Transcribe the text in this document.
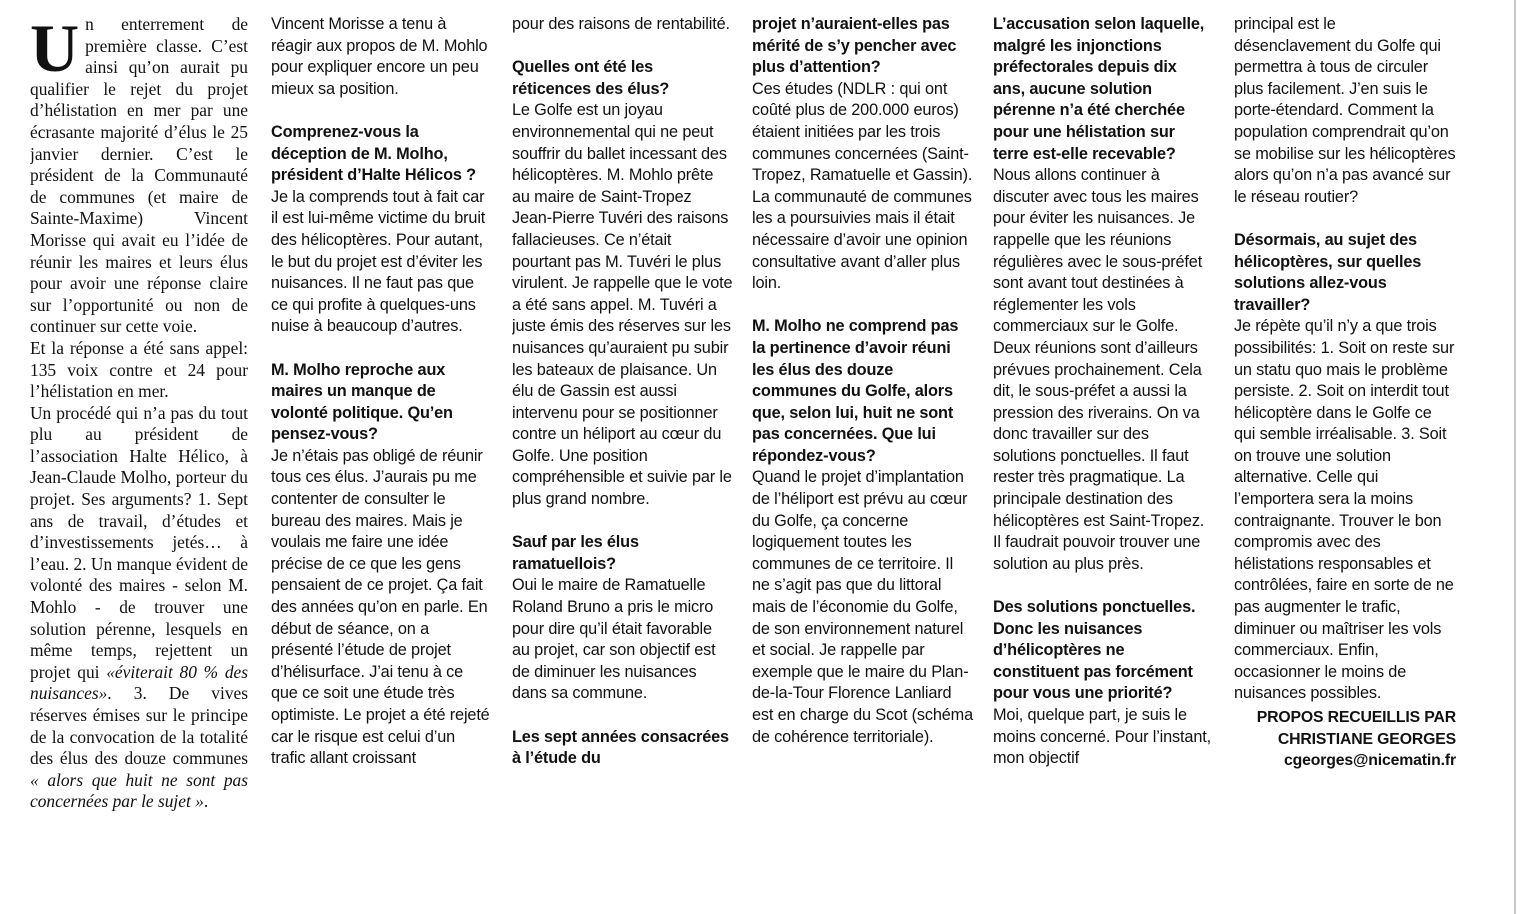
U n enterrement de première classe. C’est ainsi qu’on aurait pu qualifier le rejet du projet d’hélistation en mer par une écrasante majorité d’élus le 25 janvier dernier. C’est le président de la Communauté de communes (et maire de Sainte-Maxime) Vincent Morisse qui avait eu l’idée de réunir les maires et leurs élus pour avoir une réponse claire sur l’opportunité ou non de continuer sur cette voie.

Et la réponse a été sans appel: 135 voix contre et 24 pour l’hélistation en mer.

Un procédé qui n’a pas du tout plu au président de l’association Halte Hélico, à Jean-Claude Molho, porteur du projet. Ses arguments? 1. Sept ans de travail, d’études et d’investissements jetés… à l’eau. 2. Un manque évident de volonté des maires - selon M. Mohlo - de trouver une solution pérenne, lesquels en même temps, rejettent un projet qui «éviterait 80 % des nuisances». 3. De vives réserves émises sur le principe de la convocation de la totalité des élus des douze communes « alors que huit ne sont pas concernées par le sujet ».

Vincent Morisse a tenu à réagir aux propos de M. Mohlo pour expliquer encore un peu mieux sa position.

Comprenez-vous la déception de M. Molho, président d’Halte Hélicos ?

Je la comprends tout à fait car il est lui-même victime du bruit des hélicoptères. Pour autant, le but du projet est d’éviter les nuisances. Il ne faut pas que ce qui profite à quelques-uns nuise à beaucoup d’autres.

M. Molho reproche aux maires un manque de volonté politique. Qu’en pensez-vous?

Je n’étais pas obligé de réunir tous ces élus. J’aurais pu me contenter de consulter le bureau des maires. Mais je voulais me faire une idée précise de ce que les gens pensaient de ce projet. Ça fait des années qu’on en parle. En début de séance, on a présenté l’étude de projet d’hélisurface. J’ai tenu à ce que ce soit une étude très optimiste. Le projet a été rejeté car le risque est celui d’un trafic allant croissant

pour des raisons de rentabilité.

Quelles ont été les réticences des élus?

Le Golfe est un joyau environnemental qui ne peut souffrir du ballet incessant des hélicoptères. M. Mohlo prête au maire de Saint-Tropez Jean-Pierre Tuvéri des raisons fallacieuses. Ce n’était pourtant pas M. Tuvéri le plus virulent. Je rappelle que le vote a été sans appel. M. Tuvéri a juste émis des réserves sur les nuisances qu’auraient pu subir les bateaux de plaisance. Un élu de Gassin est aussi intervenu pour se positionner contre un héliport au cœur du Golfe. Une position compréhensible et suivie par le plus grand nombre.

Sauf par les élus ramatuellois?

Oui le maire de Ramatuelle Roland Bruno a pris le micro pour dire qu’il était favorable au projet, car son objectif est de diminuer les nuisances dans sa commune.

Les sept années consacrées à l’étude du

projet n’auraient-elles pas mérité de s’y pencher avec plus d’attention?

Ces études (NDLR : qui ont coûté plus de 200.000 euros) étaient initiées par les trois communes concernées (Saint-Tropez, Ramatuelle et Gassin). La communauté de communes les a poursuivies mais il était nécessaire d’avoir une opinion consultative avant d’aller plus loin.

M. Molho ne comprend pas la pertinence d’avoir réuni les élus des douze communes du Golfe, alors que, selon lui, huit ne sont pas concernées. Que lui répondez-vous?

Quand le projet d’implantation de l’héliport est prévu au cœur du Golfe, ça concerne logiquement toutes les communes de ce territoire. Il ne s’agit pas que du littoral mais de l’économie du Golfe, de son environnement naturel et social. Je rappelle par exemple que le maire du Plan-de-la-Tour Florence Lanliard est en charge du Scot (schéma de cohérence territoriale).

L’accusation selon laquelle, malgré les injonctions préfectorales depuis dix ans, aucune solution pérenne n’a été cherchée pour une hélistation sur terre est-elle recevable?

Nous allons continuer à discuter avec tous les maires pour éviter les nuisances. Je rappelle que les réunions régulières avec le sous-préfet sont avant tout destinées à réglementer les vols commerciaux sur le Golfe. Deux réunions sont d’ailleurs prévues prochainement. Cela dit, le sous-préfet a aussi la pression des riverains. On va donc travailler sur des solutions ponctuelles. Il faut rester très pragmatique. La principale destination des hélicoptères est Saint-Tropez. Il faudrait pouvoir trouver une solution au plus près.

Des solutions ponctuelles. Donc les nuisances d’hélicoptères ne constituent pas forcément pour vous une priorité?

Moi, quelque part, je suis le moins concerné. Pour l’instant, mon objectif

principal est le désenclavement du Golfe qui permettra à tous de circuler plus facilement. J’en suis le porte-étendard. Comment la population comprendrait qu’on se mobilise sur les hélicoptères alors qu’on n’a pas avancé sur le réseau routier?

Désormais, au sujet des hélicoptères, sur quelles solutions allez-vous travailler?

Je répète qu’il n’y a que trois possibilités: 1. Soit on reste sur un statu quo mais le problème persiste. 2. Soit on interdit tout hélicoptère dans le Golfe ce qui semble irréalisable. 3. Soit on trouve une solution alternative. Celle qui l’emportera sera la moins contraignante. Trouver le bon compromis avec des hélistations responsables et contrôlées, faire en sorte de ne pas augmenter le trafic, diminuer ou maîtriser les vols commerciaux. Enfin, occasionner le moins de nuisances possibles.

PROPOS RECUEILLIS PAR
CHRISTIANE GEORGES
cgeorges@nicematin.fr
